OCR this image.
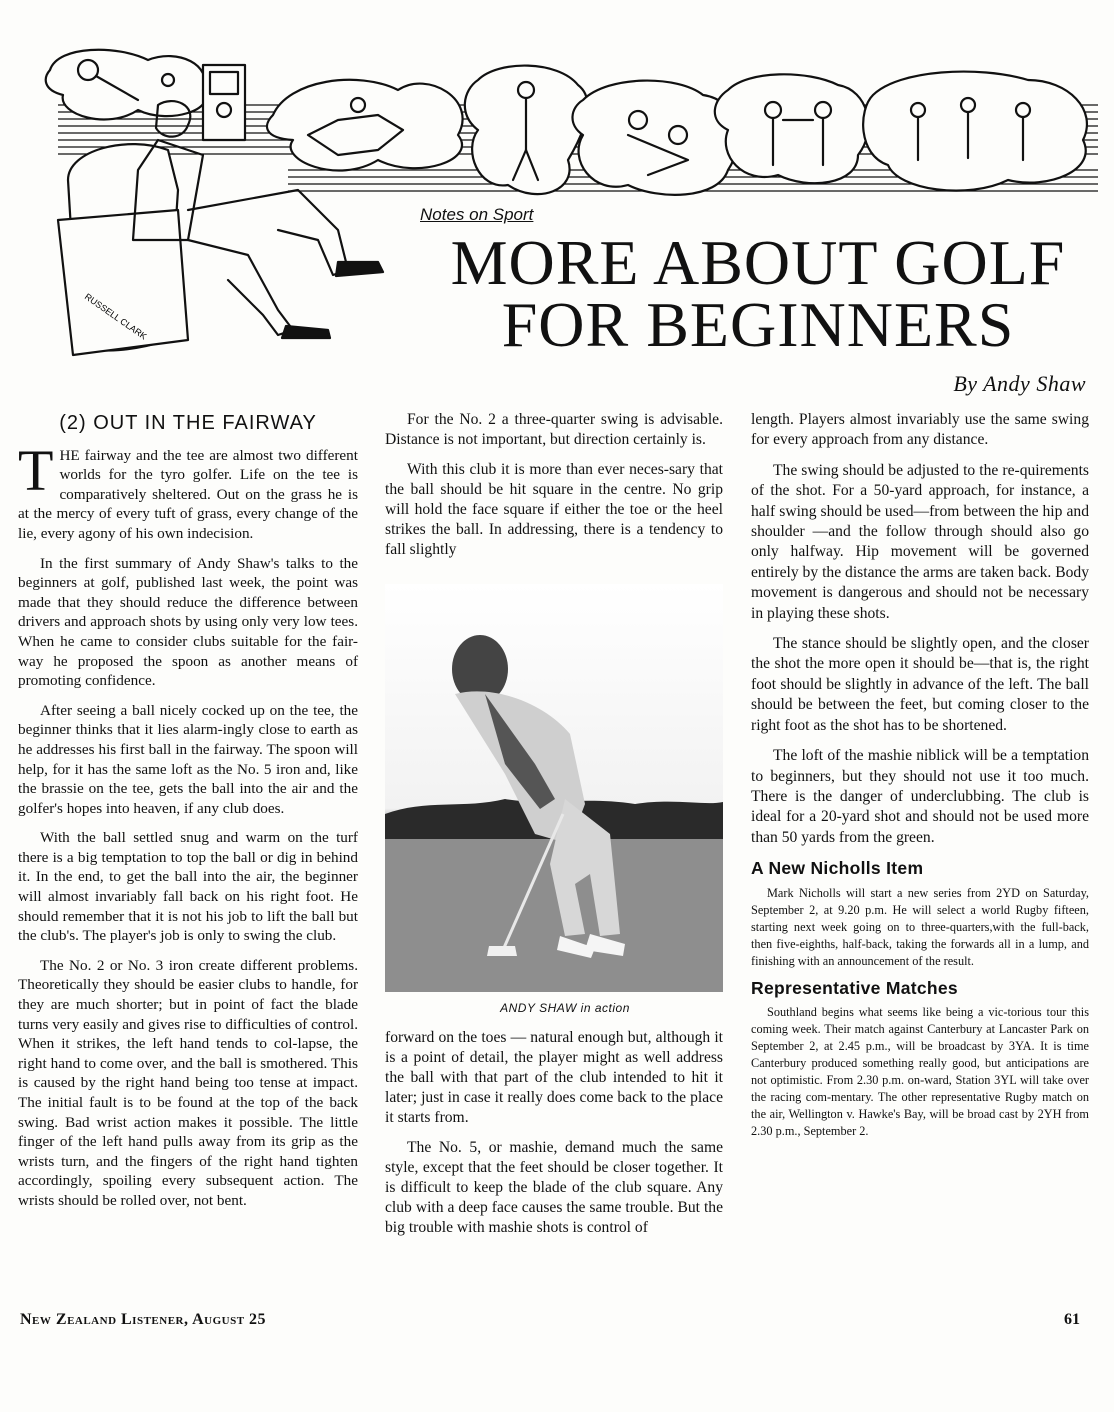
RUSSELL CLARK
Notes on Sport
MORE ABOUT GOLF
FOR BEGINNERS
By Andy Shaw
(2) OUT IN THE FAIRWAY

THE fairway and the tee are almost two different worlds for the tyro golfer. Life on the tee is comparatively sheltered. Out on the grass he is at the mercy of every tuft of grass, every change of the lie, every agony of his own indecision.

In the first summary of Andy Shaw's talks to the beginners at golf, published last week, the point was made that they should reduce the difference between drivers and approach shots by using only very low tees. When he came to consider clubs suitable for the fair-way he proposed the spoon as another means of promoting confidence.

After seeing a ball nicely cocked up on the tee, the beginner thinks that it lies alarm-ingly close to earth as he addresses his first ball in the fairway. The spoon will help, for it has the same loft as the No. 5 iron and, like the brassie on the tee, gets the ball into the air and the golfer's hopes into heaven, if any club does.

With the ball settled snug and warm on the turf there is a big temptation to top the ball or dig in behind it. In the end, to get the ball into the air, the beginner will almost invariably fall back on his right foot. He should remember that it is not his job to lift the ball but the club's. The player's job is only to swing the club.

The No. 2 or No. 3 iron create different problems. Theoretically they should be easier clubs to handle, for they are much shorter; but in point of fact the blade turns very easily and gives rise to difficulties of control. When it strikes, the left hand tends to col-lapse, the right hand to come over, and the ball is smothered. This is caused by the right hand being too tense at impact. The initial fault is to be found at the top of the back swing. Bad wrist action makes it possible. The little finger of the left hand pulls away from its grip as the wrists turn, and the fingers of the right hand tighten accordingly, spoiling every subsequent action. The wrists should be rolled over, not bent.

For the No. 2 a three-quarter swing is advisable. Distance is not important, but direction certainly is.

With this club it is more than ever neces-sary that the ball should be hit square in the centre. No grip will hold the face square if either the toe or the heel strikes the ball. In addressing, there is a tendency to fall slightly

ANDY SHAW in action

forward on the toes — natural enough but, although it is a point of detail, the player might as well address the ball with that part of the club intended to hit it later; just in case it really does come back to the place it starts from.

The No. 5, or mashie, demand much the same style, except that the feet should be closer together. It is difficult to keep the blade of the club square. Any club with a deep face causes the same trouble. But the big trouble with mashie shots is control of

length. Players almost invariably use the same swing for every approach from any distance.

The swing should be adjusted to the re-quirements of the shot. For a 50-yard approach, for instance, a half swing should be used—from between the hip and shoulder —and the follow through should also go only halfway. Hip movement will be governed entirely by the distance the arms are taken back. Body movement is dangerous and should not be necessary in playing these shots.

The stance should be slightly open, and the closer the shot the more open it should be—that is, the right foot should be slightly in advance of the left. The ball should be between the feet, but coming closer to the right foot as the shot has to be shortened.

The loft of the mashie niblick will be a temptation to beginners, but they should not use it too much. There is the danger of underclubbing. The club is ideal for a 20-yard shot and should not be used more than 50 yards from the green.

A New Nicholls Item

Mark Nicholls will start a new series from 2YD on Saturday, September 2, at 9.20 p.m. He will select a world Rugby fifteen, starting next week going on to three-quarters,with the full-back, then five-eighths, half-back, taking the forwards all in a lump, and finishing with an announcement of the result.

Representative Matches

Southland begins what seems like being a vic-torious tour this coming week. Their match against Canterbury at Lancaster Park on September 2, at 2.45 p.m., will be broadcast by 3YA. It is time Canterbury produced something really good, but anticipations are not optimistic. From 2.30 p.m. on-ward, Station 3YL will take over the racing com-mentary. The other representative Rugby match on the air, Wellington v. Hawke's Bay, will be broad cast by 2YH from 2.30 p.m., September 2.

New Zealand Listener, August 25	61
